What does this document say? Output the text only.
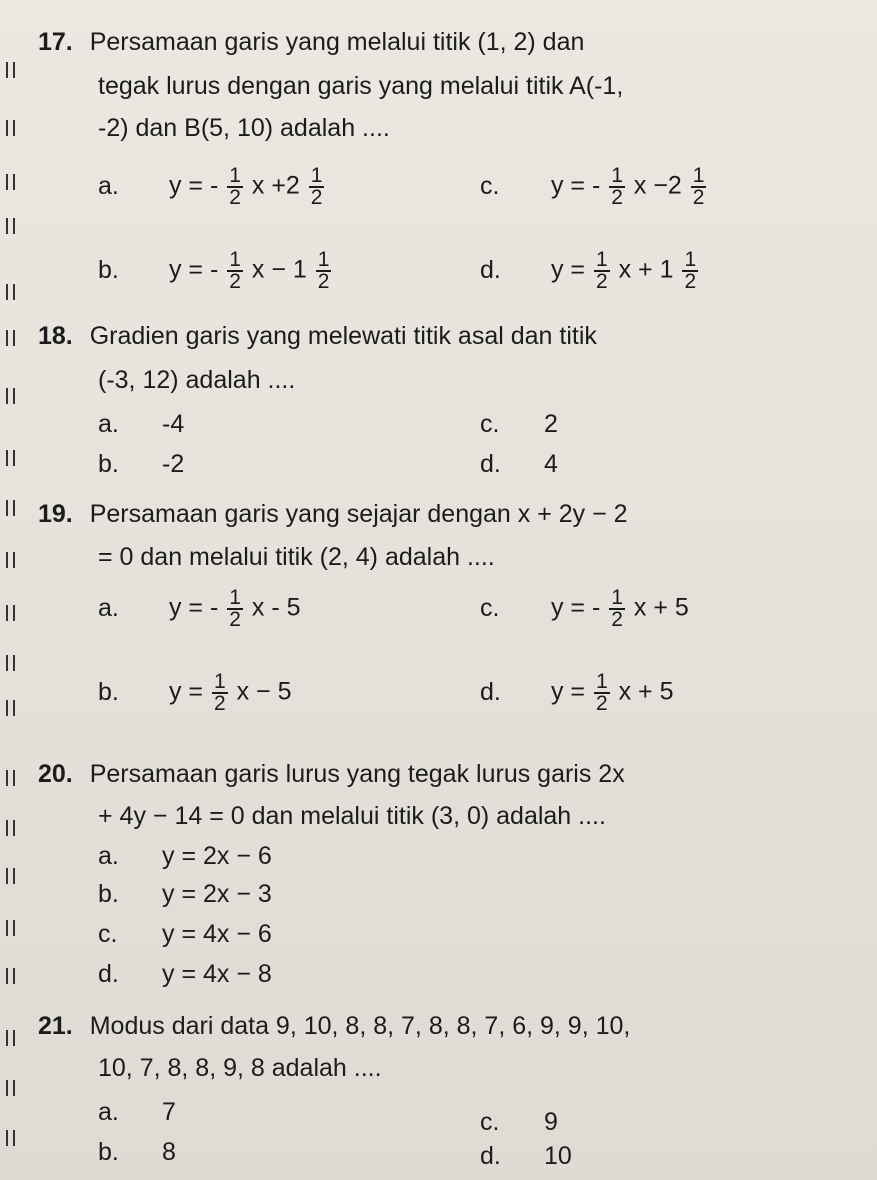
17. Persamaan garis yang melalui titik (1, 2) dan
tegak lurus dengan garis yang melalui titik A(-1,
-2) dan B(5, 10) adalah ....
a. y = - $\frac{1}{2}$ $x +2 \frac{1}{2}$	c. y = - $\frac{1}{2}$ $x -2 \frac{1}{2}$
b. y = - $\frac{1}{2}$ $x - 1 \frac{1}{2}$	d. $y = \frac{1}{2}$ $x + 1 \frac{1}{2}$
18. Gradien garis yang melewati titik asal dan titik
(-3, 12) adalah ....
a. -4	c. 2
b. -2	d. 4
19. Persamaan garis yang sejajar dengan x + 2y − 2
= 0 dan melalui titik (2, 4) adalah ....
a. y = - $\frac{1}{2}$ x - 5	c. y = - $\frac{1}{2}$ x + 5
b. $y = \frac{1}{2}$ x − 5	d. $y = \frac{1}{2}$ x + 5
20. Persamaan garis lurus yang tegak lurus garis 2x
+ 4y − 14 = 0 dan melalui titik (3, 0) adalah ....
a. y = 2x − 6
b. y = 2x − 3
c. y = 4x − 6
d. y = 4x − 8
21. Modus dari data 9, 10, 8, 8, 7, 8, 8, 7, 6, 9, 9, 10,
10, 7, 8, 8, 9, 8 adalah ....
a. 7	c. 9
b. 8	d. 10
